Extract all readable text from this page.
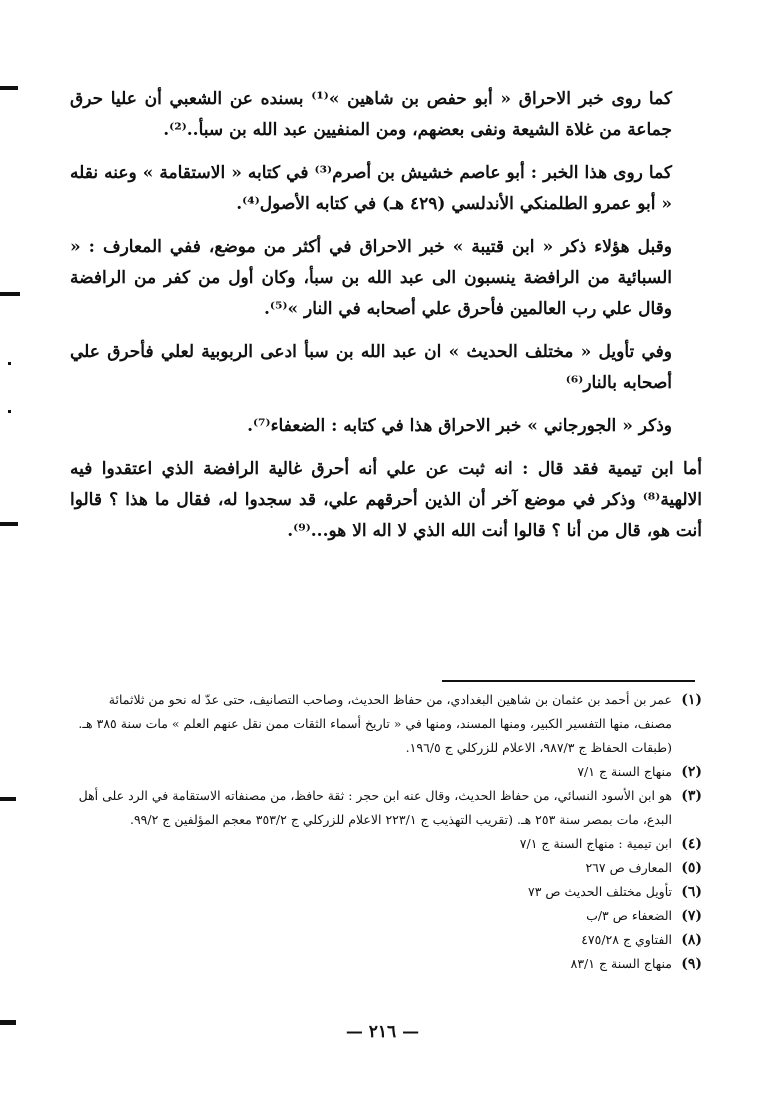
كما روى خبر الاحراق « أبو حفص بن شاهين »⁽¹⁾ بسنده عن الشعبي أن عليا حرق جماعة من غلاة الشيعة ونفى بعضهم، ومن المنفيين عبد الله بن سبأ..⁽²⁾.

كما روى هذا الخبر : أبو عاصم خشيش بن أصرم⁽³⁾ في كتابه « الاستقامة » وعنه نقله « أبو عمرو الطلمنكي الأندلسي (٤٢٩ هـ) في كتابه الأصول⁽⁴⁾.

وقبل هؤلاء ذكر « ابن قتيبة » خبر الاحراق في أكثر من موضع، ففي المعارف : « السبائية من الرافضة ينسبون الى عبد الله بن سبأ، وكان أول من كفر من الرافضة وقال علي رب العالمين فأحرق علي أصحابه في النار »⁽⁵⁾.

وفي تأويل « مختلف الحديث » ان عبد الله بن سبأ ادعى الربوبية لعلي فأحرق علي أصحابه بالنار⁽⁶⁾

وذكر « الجورجاني » خبر الاحراق هذا في كتابه : الضعفاء⁽⁷⁾.

أما ابن تيمية فقد قال : انه ثبت عن علي أنه أحرق غالية الرافضة الذي اعتقدوا فيه الالهية⁽⁸⁾ وذكر في موضع آخر أن الذين أحرقهم علي، قد سجدوا له، فقال ما هذا ؟ قالوا أنت هو، قال من أنا ؟ قالوا أنت الله الذي لا اله الا هو...⁽⁹⁾.

(١)
عمر بن أحمد بن عثمان بن شاهين البغدادي، من حفاظ الحديث، وصاحب التصانيف، حتى عدّ له نحو من ثلاثمائة مصنف، منها التفسير الكبير، ومنها المسند، ومنها في « تاريخ أسماء الثقات ممن نقل عنهم العلم » مات سنة ٣٨٥ هـ. (طبقات الحفاظ ج ٩٨٧/٣، الاعلام للزركلي ج ١٩٦/٥.
(٢)
منهاج السنة ج ٧/١
(٣)
هو ابن الأسود النسائي، من حفاظ الحديث، وقال عنه ابن حجر : ثقة حافظ، من مصنفاته الاستقامة في الرد على أهل البدع، مات بمصر سنة ٢٥٣ هـ. (تقريب التهذيب ج ٢٢٣/١ الاعلام للزركلي ج ٣٥٣/٢ معجم المؤلفين ج ٩٩/٢.
(٤)
ابن تيمية : منهاج السنة ج ٧/١
(٥)
المعارف ص ٢٦٧
(٦)
تأويل مختلف الحديث ص ٧٣
(٧)
الضعفاء ص ٣/ب
(٨)
الفتاوي ج ٤٧٥/٢٨
(٩)
منهاج السنة ج ٨٣/١
— ٢١٦ —
